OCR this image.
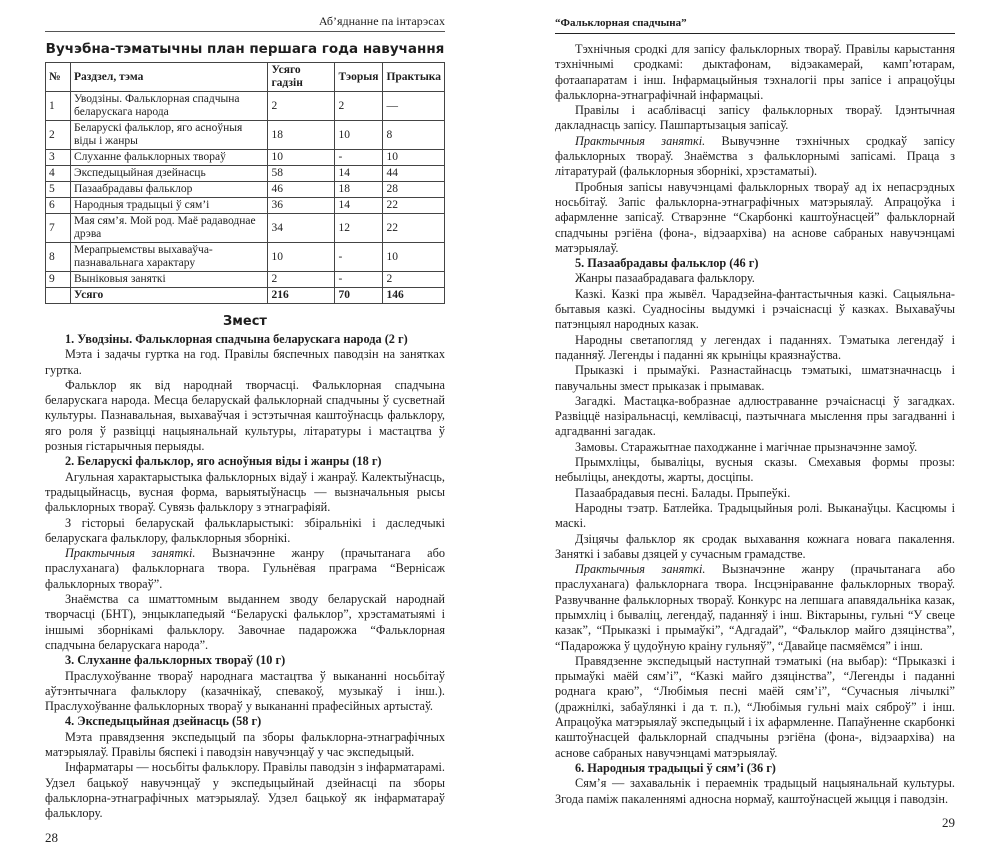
Аб’яднанне па інтарэсах
Вучэбна-тэматычны план першага года навучання
№	Раздзел, тэма	Усяго гадзін	Тэорыя	Практыка
1	Уводзіны. Фальклорная спадчына беларускага народа	2	2	—
2	Беларускі фальклор, яго асноўныя віды і жанры	18	10	8
3	Слуханне фальклорных твораў	10	-	10
4	Экспедыцыйная дзейнасць	58	14	44
5	Пазаабрадавы фальклор	46	18	28
6	Народныя традыцыі ў сям’і	36	14	22
7	Мая сям’я. Мой род. Маё радаводнае дрэва	34	12	22
8	Мерапрыемствы выхаваўча-пазнавальнага характару	10	-	10
9	Выніковыя заняткі	2	-	2
	Усяго	216	70	146
Змест

1. Уводзіны. Фальклорная спадчына беларускага народа (2 г)

Мэта і задачы гуртка на год. Правілы бяспечных паводзін на занятках гуртка.

Фальклор як від народнай творчасці. Фальклорная спадчына беларускага народа. Месца беларускай фальклорнай спадчыны ў сусветнай культуры. Пазнавальная, выхаваўчая і эстэтычная каштоўнасць фальклору, яго роля ў развіцці нацыянальнай культуры, літаратуры і мастацтва ў розныя гістарычныя перыяды.

2. Беларускі фальклор, яго асноўныя віды і жанры (18 г)

Агульная характарыстыка фальклорных відаў і жанраў. Калектыўнасць, традыцыйнасць, вусная форма, варыятыўнасць — вызначальныя рысы фальклорных твораў. Сувязь фальклору з этнаграфіяй.

З гісторыі беларускай фалькларыстыкі: збіральнікі і даследчыкі беларускага фальклору, фальклорныя зборнікі.

Практычныя заняткі. Вызначэнне жанру (прачытанага або праслуханага) фальклорнага твора. Гульнёвая праграма “Вернісаж фальклорных твораў”.

Знаёмства са шматтомным выданнем зводу беларускай народнай творчасці (БНТ), энцыклапедыяй “Беларускі фальклор”, хрэстаматыямі і іншымі зборнікамі фальклору. Завочнае падарожжа “Фальклорная спадчына беларускага народа”.

3. Слуханне фальклорных твораў (10 г)

Праслухоўванне твораў народнага мастацтва ў выкананні носьбітаў аўтэнтычнага фальклору (казачнікаў, спевакоў, музыкаў і інш.). Праслухоўванне фальклорных твораў у выкананні прафесійных артыстаў.

4. Экспедыцыйная дзейнасць (58 г)

Мэта правядзення экспедыцый па зборы фальклорна-этнаграфічных матэрыялаў. Правілы бяспекі і паводзін навучэнцаў у час экспедыцый.

Інфарматары — носьбіты фальклору. Правілы паводзін з інфарматарамі. Удзел бацькоў навучэнцаў у экспедыцыйнай дзейнасці па зборы фальклорна-этнаграфічных матэрыялаў. Удзел бацькоў як інфарматараў фальклору.

28
“Фальклорная спадчына”

Тэхнічныя сродкі для запісу фальклорных твораў. Правілы карыстання тэхнічнымі сродкамі: дыктафонам, відэакамерай, камп’ютарам, фотаапаратам і інш. Інфармацыйныя тэхналогіі пры запісе і апрацоўцы фальклорна-этнаграфічнай інфармацыі.

Правілы і асаблівасці запісу фальклорных твораў. Ідэнтычная дакладнасць запісу. Пашпартызацыя запісаў.

Практычныя заняткі. Вывучэнне тэхнічных сродкаў запісу фальклорных твораў. Знаёмства з фальклорнымі запісамі. Праца з літаратурай (фальклорныя зборнікі, хрэстаматыі).

Пробныя запісы навучэнцамі фальклорных твораў ад іх непасрэдных носьбітаў. Запіс фальклорна-этнаграфічных матэрыялаў. Апрацоўка і афармленне запісаў. Стварэнне “Скарбонкі каштоўнасцей” фальклорнай спадчыны рэгіёна (фона-, відэаархіва) на аснове сабраных навучэнцамі матэрыялаў.

5. Пазаабрадавы фальклор (46 г)

Жанры пазаабрадавага фальклору.

Казкі. Казкі пра жывёл. Чарадзейна-фантастычныя казкі. Сацыяльна-бытавыя казкі. Суадносіны выдумкі і рэчаіснасці ў казках. Выхаваўчы патэнцыял народных казак.

Народны светапогляд у легендах і паданнях. Тэматыка легендаў і паданняў. Легенды і паданні як крыніцы краязнаўства.

Прыказкі і прымаўкі. Разнастайнасць тэматыкі, шматзначнасць і павучальны змест прыказак і прымавак.

Загадкі. Мастацка-вобразнае адлюстраванне рэчаіснасці ў загадках. Развіццё назіральнасці, кемлівасці, паэтычнага мыслення пры загадванні і адгадванні загадак.

Замовы. Старажытнае паходжанне і магічнае прызначэнне замоў.

Прымхліцы, бываліцы, вусныя сказы. Смехавыя формы прозы: небыліцы, анекдоты, жарты, досціпы.

Пазаабрадавыя песні. Балады. Прыпеўкі.

Народны тэатр. Батлейка. Традыцыйныя ролі. Выканаўцы. Касцюмы і маскі.

Дзіцячы фальклор як сродак выхавання кожнага новага пакалення. Заняткі і забавы дзяцей у сучасным грамадстве.

Практычныя заняткі. Вызначэнне жанру (прачытанага або праслуханага) фальклорнага твора. Інсцэніраванне фальклорных твораў. Развучванне фальклорных твораў. Конкурс на лепшага апавядальніка казак, прымхліц і бываліц, легендаў, паданняў і інш. Віктарыны, гульні “У свеце казак”, “Прыказкі і прымаўкі”, “Адгадай”, “Фальклор майго дзяцінства”, “Падарожжа ў цудоўную краіну гульняў”, “Давайце пасмяёмся” і інш.

Правядзенне экспедыцый наступнай тэматыкі (на выбар): “Прыказкі і прымаўкі маёй сям’і”, “Казкі майго дзяцінства”, “Легенды і паданні роднага краю”, “Любімыя песні маёй сям’і”, “Сучасныя лічылкі” (дражнілкі, забаўлянкі і да т. п.), “Любімыя гульні маіх сяброў” і інш. Апрацоўка матэрыялаў экспедыцый і іх афармленне. Папаўненне скарбонкі каштоўнасцей фальклорнай спадчыны рэгіёна (фона-, відэаархіва) на аснове сабраных навучэнцамі матэрыялаў.

6. Народныя традыцыі ў сям’і (36 г)

Сям’я — захавальнік і пераемнік традыцый нацыянальнай культуры. Згода паміж пакаленнямі адносна нормаў, каштоўнасцей жыцця і паводзін.

29
